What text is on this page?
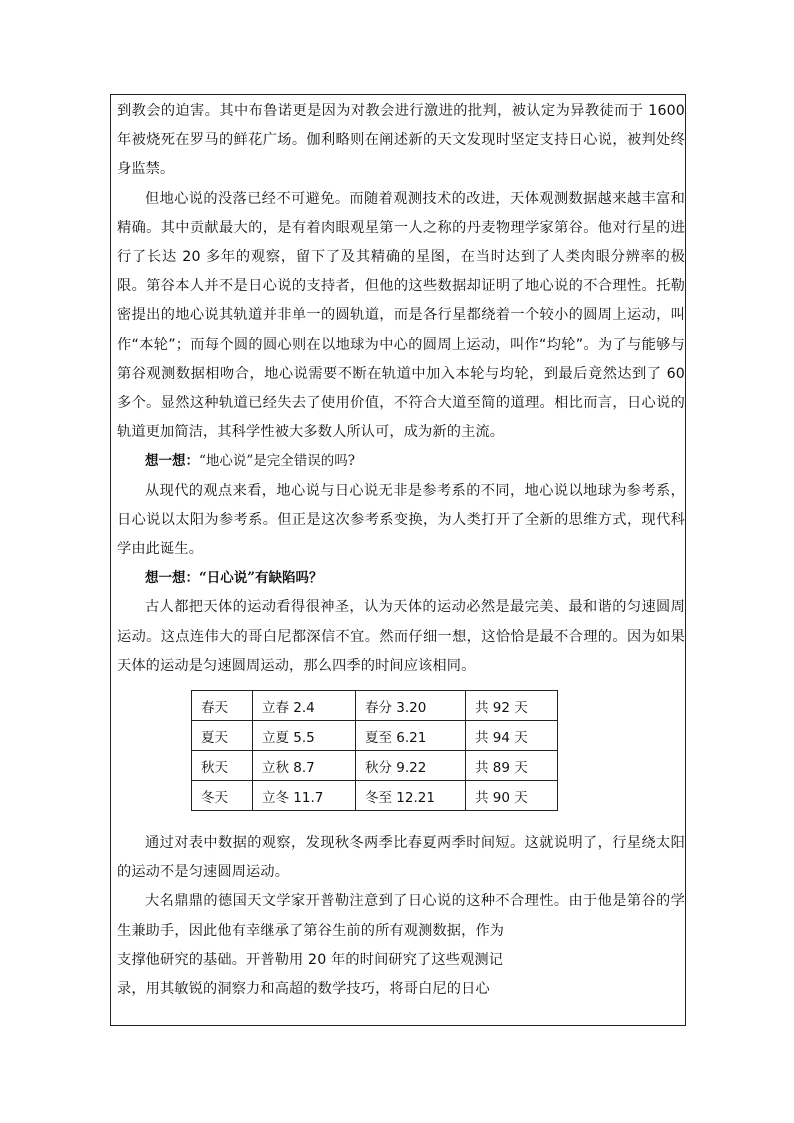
到教会的迫害。其中布鲁诺更是因为对教会进行激进的批判，被认定为异教徒而于 1600 年被烧死在罗马的鲜花广场。伽利略则在阐述新的天文发现时坚定支持日心说，被判处终身监禁。

但地心说的没落已经不可避免。而随着观测技术的改进，天体观测数据越来越丰富和精确。其中贡献最大的，是有着肉眼观星第一人之称的丹麦物理学家第谷。他对行星的进行了长达 20 多年的观察，留下了及其精确的星图，在当时达到了人类肉眼分辨率的极限。第谷本人并不是日心说的支持者，但他的这些数据却证明了地心说的不合理性。托勒密提出的地心说其轨道并非单一的圆轨道，而是各行星都绕着一个较小的圆周上运动，叫作“本轮”；而每个圆的圆心则在以地球为中心的圆周上运动，叫作“均轮”。为了与能够与第谷观测数据相吻合，地心说需要不断在轨道中加入本轮与均轮，到最后竟然达到了 60 多个。显然这种轨道已经失去了使用价值，不符合大道至简的道理。相比而言，日心说的轨道更加简洁，其科学性被大多数人所认可，成为新的主流。

想一想：“地心说”是完全错误的吗?

从现代的观点来看，地心说与日心说无非是参考系的不同，地心说以地球为参考系，日心说以太阳为参考系。但正是这次参考系变换，为人类打开了全新的思维方式，现代科学由此诞生。

想一想：“日心说”有缺陷吗？

古人都把天体的运动看得很神圣，认为天体的运动必然是最完美、最和谐的匀速圆周运动。这点连伟大的哥白尼都深信不宜。然而仔细一想，这恰恰是最不合理的。因为如果天体的运动是匀速圆周运动，那么四季的时间应该相同。

春天	立春 2.4	春分 3.20	共 92 天
夏天	立夏 5.5	夏至 6.21	共 94 天
秋天	立秋 8.7	秋分 9.22	共 89 天
冬天	立冬 11.7	冬至 12.21	共 90 天

通过对表中数据的观察，发现秋冬两季比春夏两季时间短。这就说明了，行星绕太阳的运动不是匀速圆周运动。

大名鼎鼎的德国天文学家开普勒注意到了日心说的这种不合理性。由于他是第谷的学生兼助手，因此他有幸继承了第谷生前的所有观测数据，作为

支撑他研究的基础。开普勒用 20 年的时间研究了这些观测记

录，用其敏锐的洞察力和高超的数学技巧，将哥白尼的日心
